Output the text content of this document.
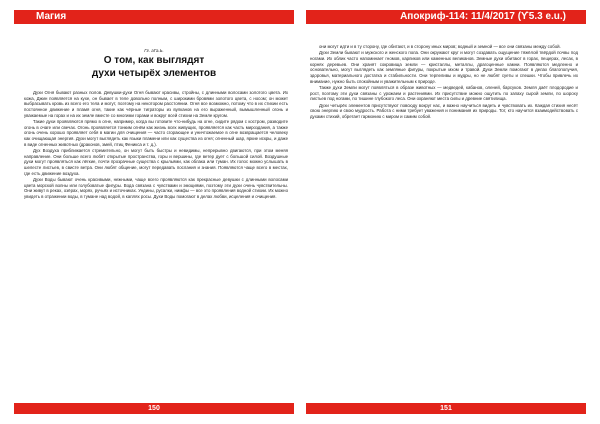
Магия
Гг. аГа.Ь.
О том, как выглядят
духи четырёх элементов

Духи Огня бывают разных полов. Девушки-духи Огня бывают красивы, стройны, с длинными волосами золотого цвета. Их кожа, Джин появляется на кухе, он бывает в теле довольно полным, с широкими бровями золотого цвета, с носом; он может выбрасывать кровь из всего его тела и могут, поэтому на некотором расстоянии. Огня все возможно, потому что в их стихии есть постоянное движение и пламя огня, такие как чёрные тиграторы из вулканов на его выраженный, вымышленный огонь и уважаемые на горах и на их земле вместе со многими горами и вокруг всей стихии на Земле кругом.

Такие духи проявляются прямо в огне, например, когда вы готовите что-нибудь на огне, сидите рядом с костром, разводите огонь в очаге или свечах. Огонь проявляется тонким огнём как жизнь всех живущих, проявляется как часть мироздания, а также огонь очень хорошо проявляет себя в магии для очищения — часто сгорающее и уничтожаемое в огне возвращается человеку как очищающая энергия. Духи могут выглядеть как языки пламени или как существа из огня; огненный шар, яркие искры, и даже в виде огненных животных (драконов, змей, птиц Феникса и т. д.).

Дух Воздуха приближается стремительно, он могут быть быстры и невидимы, непрерывно двигаются, при этом меняя направление. Они больше всего любят открытые пространства, горы и вершины, где ветер дует с большой силой. Воздушные духи могут проявляться как лёгкие, почти прозрачные существа с крыльями, как облака или туман. Их голос можно услышать в шелесте листьев, в свисте ветра. Они любят общение, могут передавать послания и знания. Появляются чаще всего в местах, где есть движение воздуха.

Духи Воды бывают очень красивыми, нежными, чаще всего проявляются как прекрасные девушки с длинными волосами цвета морской волны или голубоватые фигуры. Вода связана с чувствами и эмоциями, поэтому эти духи очень чувствительны. Они живут в реках, озёрах, морях, ручьях и источниках. Ундины, русалки, нимфы — все это проявления водной стихии. Их можно увидеть в отражении воды, в тумане над водой, в каплях росы. Духи Воды помогают в делах любви, исцеления и очищения.

150
Апокриф-114: 11/4/2017 (ϒ5.3 е.u.)

они могут идти и в ту сторону, где обитают, и в сторону иных миров; водный и земной — все они связаны между собой.

Духи Земли бывают и мужского и женского пола. Они окружают круг и могут создавать ощущение тяжёлой твёрдой почвы под ногами. Их облик часто напоминает гномов, карликов или каменных великанов. Земные духи обитают в горах, пещерах, лесах, в корнях деревьев. Они хранят сокровища земли — кристаллы, металлы, драгоценные камни. Появляются медленно и основательно, могут выглядеть как земляные фигуры, покрытые мхом и травой. Духи Земли помогают в делах благополучия, здоровья, материального достатка и стабильности. Они терпеливы и мудры, но не любят суеты и спешки. Чтобы привлечь их внимание, нужно быть спокойным и уважительным к природе.

Также духи Земли могут появляться в образе животных — медведей, кабанов, оленей, барсуков. Земля даёт плодородие и рост, поэтому эти духи связаны с урожаем и растениями. Их присутствие можно ощутить по запаху сырой земли, по шороху листьев под ногами, по тишине глубокого леса. Они охраняют места силы и древние святилища.

Духи четырёх элементов присутствуют повсюду вокруг нас, и важно научиться видеть и чувствовать их. Каждая стихия несёт свою энергию и свою мудрость. Работа с ними требует уважения и понимания их природы. Тот, кто научится взаимодействовать с духами стихий, обретает гармонию с миром и самим собой.

151
